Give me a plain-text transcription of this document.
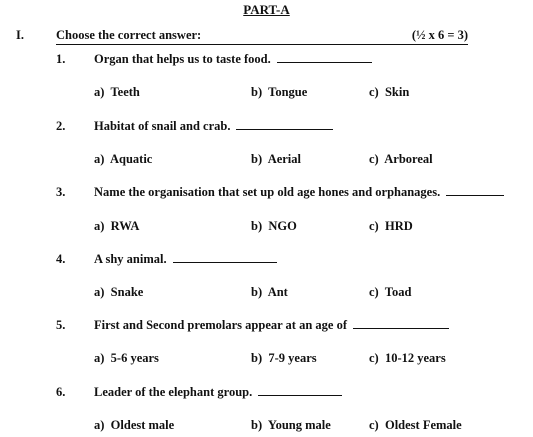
PART-A
I.	Choose the correct answer:	(½ x 6 = 3)

1. Organ that helps us to taste food.
a) Teeth	b) Tongue	c) Skin
2. Habitat of snail and crab.
a) Aquatic	b) Aerial	c) Arboreal
3. Name the organisation that set up old age hones and orphanages.
a) RWA	b) NGO	c) HRD
4. A shy animal.
a) Snake	b) Ant	c) Toad
5. First and Second premolars appear at an age of
a) 5-6 years	b) 7-9 years	c) 10-12 years
6. Leader of the elephant group.
a) Oldest male	b) Young male	c) Oldest Female
